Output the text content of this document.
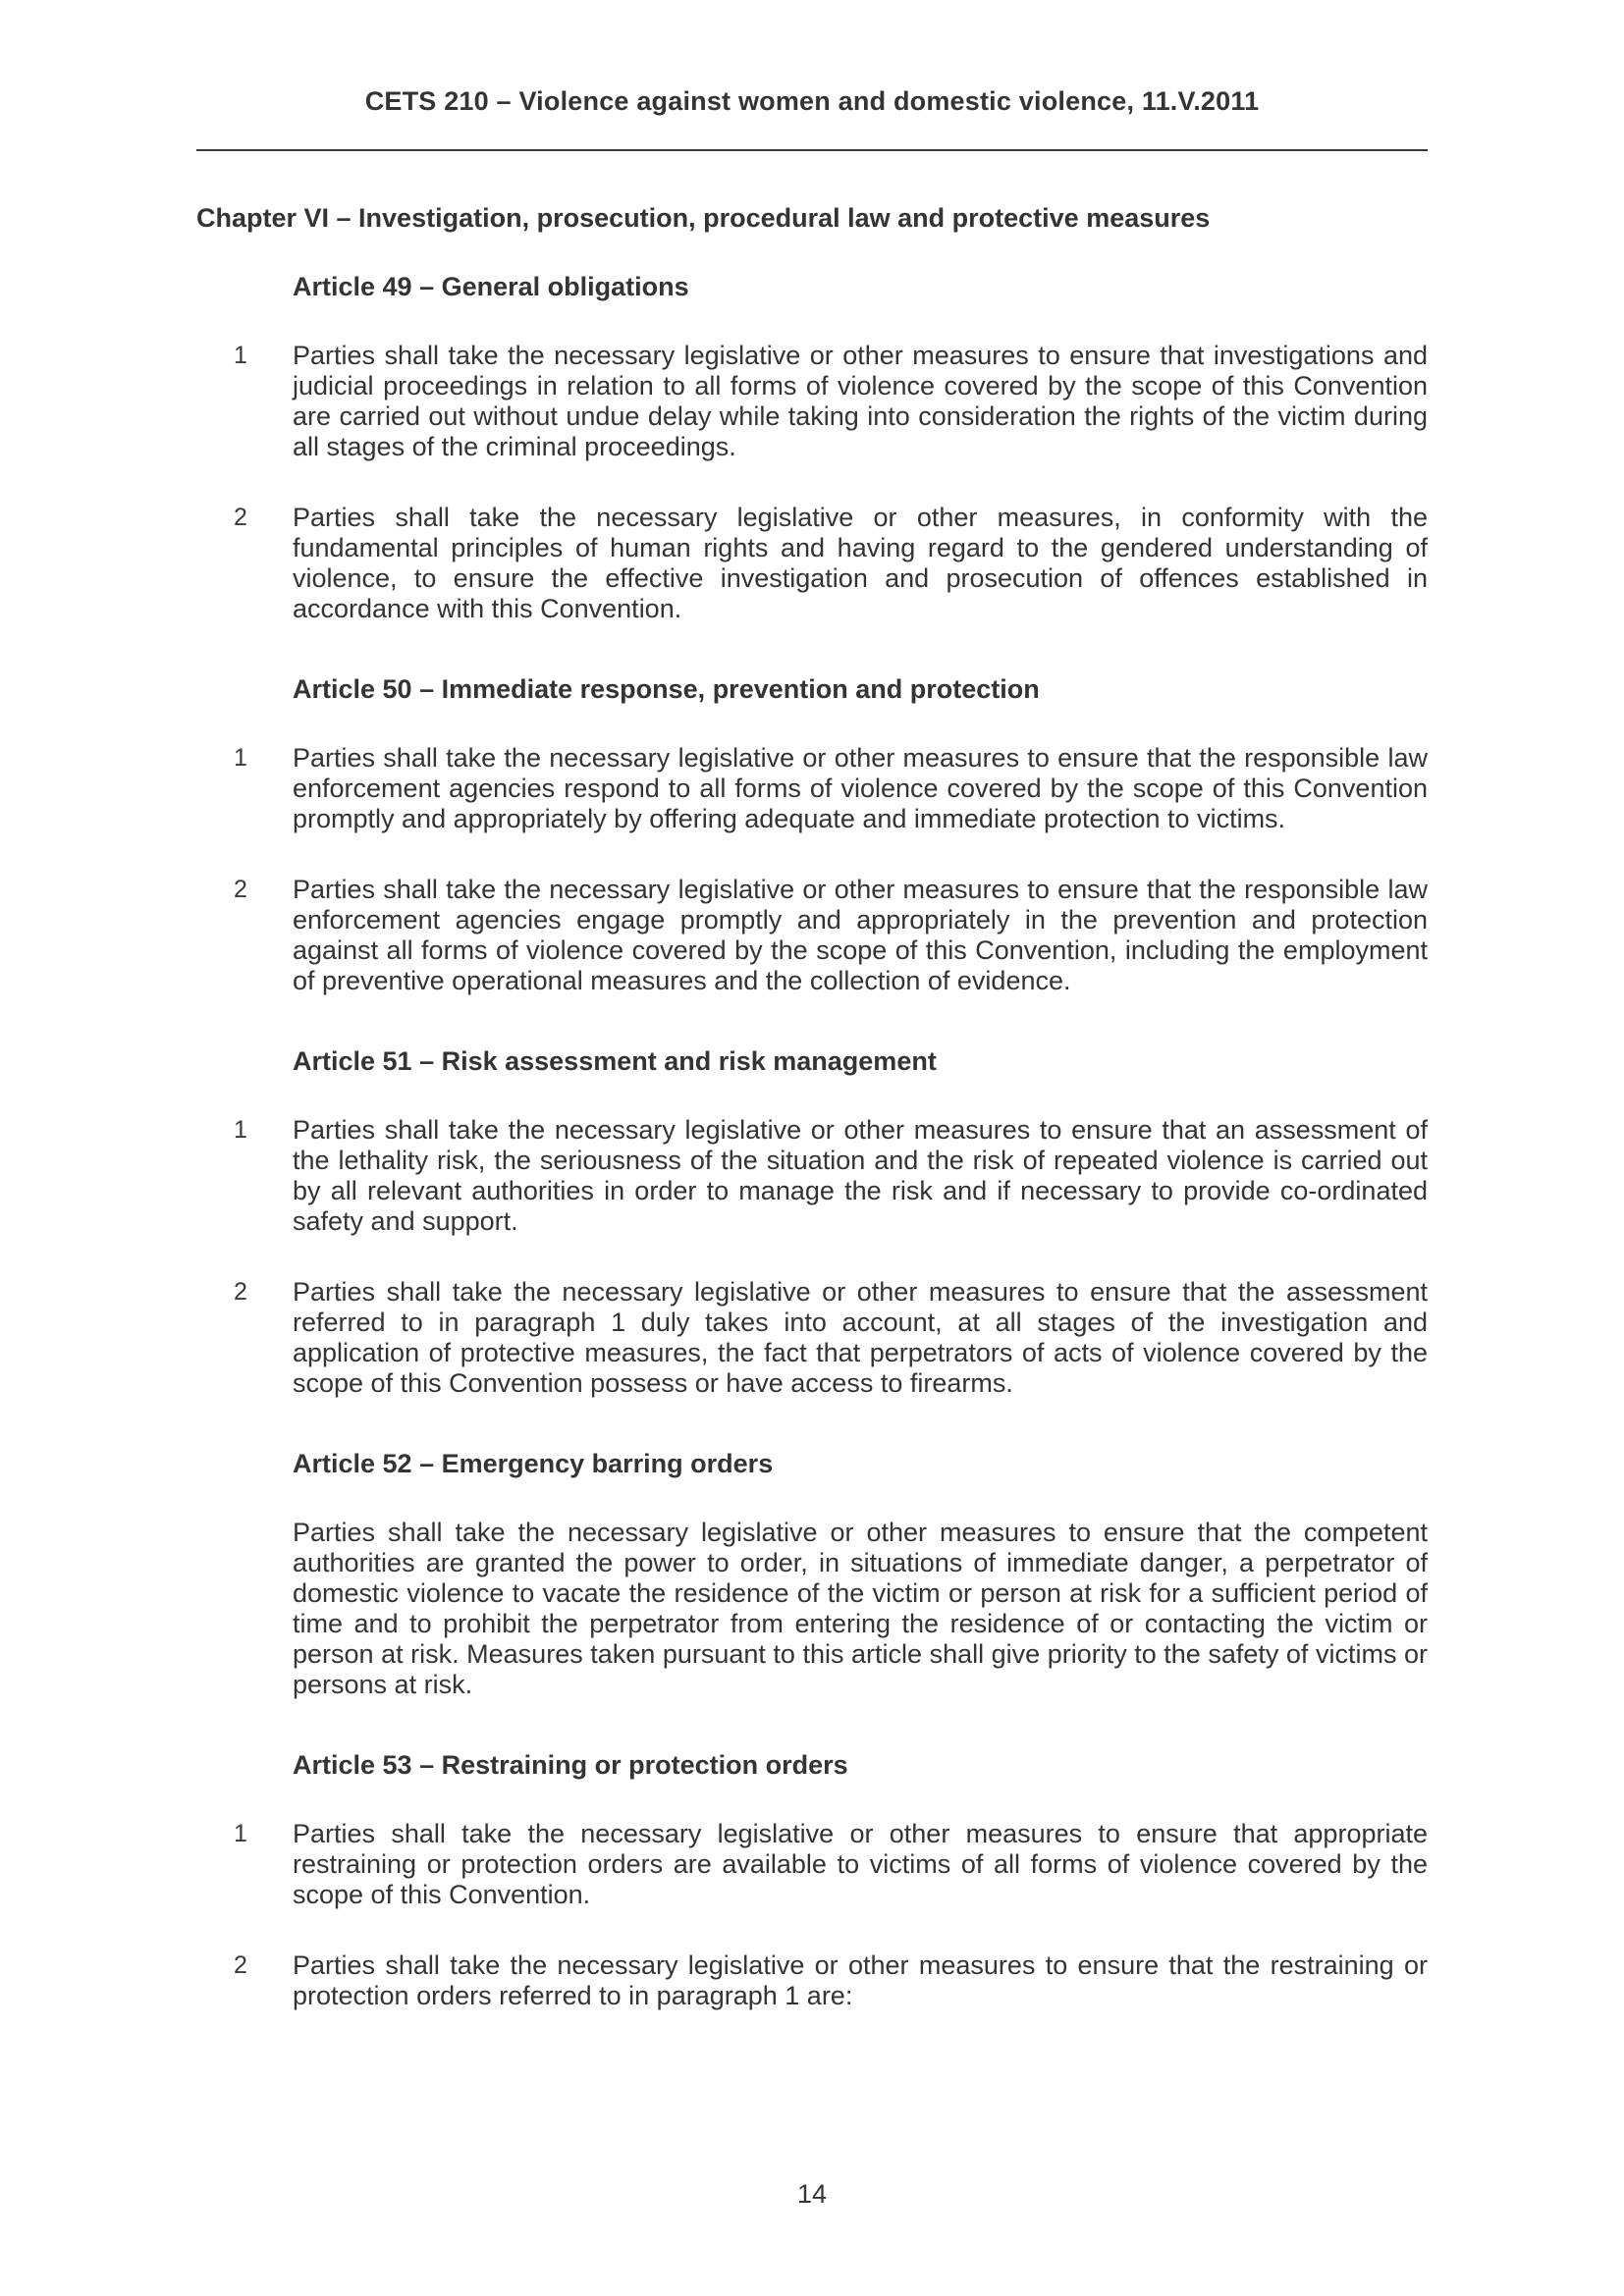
CETS 210 – Violence against women and domestic violence, 11.V.2011
Chapter VI – Investigation, prosecution, procedural law and protective measures
Article 49 – General obligations
1 Parties shall take the necessary legislative or other measures to ensure that investigations and judicial proceedings in relation to all forms of violence covered by the scope of this Convention are carried out without undue delay while taking into consideration the rights of the victim during all stages of the criminal proceedings.

2 Parties shall take the necessary legislative or other measures, in conformity with the fundamental principles of human rights and having regard to the gendered understanding of violence, to ensure the effective investigation and prosecution of offences established in accordance with this Convention.

Article 50 – Immediate response, prevention and protection
1 Parties shall take the necessary legislative or other measures to ensure that the responsible law enforcement agencies respond to all forms of violence covered by the scope of this Convention promptly and appropriately by offering adequate and immediate protection to victims.

2 Parties shall take the necessary legislative or other measures to ensure that the responsible law enforcement agencies engage promptly and appropriately in the prevention and protection against all forms of violence covered by the scope of this Convention, including the employment of preventive operational measures and the collection of evidence.

Article 51 – Risk assessment and risk management
1 Parties shall take the necessary legislative or other measures to ensure that an assessment of the lethality risk, the seriousness of the situation and the risk of repeated violence is carried out by all relevant authorities in order to manage the risk and if necessary to provide co-ordinated safety and support.

2 Parties shall take the necessary legislative or other measures to ensure that the assessment referred to in paragraph 1 duly takes into account, at all stages of the investigation and application of protective measures, the fact that perpetrators of acts of violence covered by the scope of this Convention possess or have access to firearms.

Article 52 – Emergency barring orders

Parties shall take the necessary legislative or other measures to ensure that the competent authorities are granted the power to order, in situations of immediate danger, a perpetrator of domestic violence to vacate the residence of the victim or person at risk for a sufficient period of time and to prohibit the perpetrator from entering the residence of or contacting the victim or person at risk. Measures taken pursuant to this article shall give priority to the safety of victims or persons at risk.

Article 53 – Restraining or protection orders
1 Parties shall take the necessary legislative or other measures to ensure that appropriate restraining or protection orders are available to victims of all forms of violence covered by the scope of this Convention.

2 Parties shall take the necessary legislative or other measures to ensure that the restraining or protection orders referred to in paragraph 1 are:

14
